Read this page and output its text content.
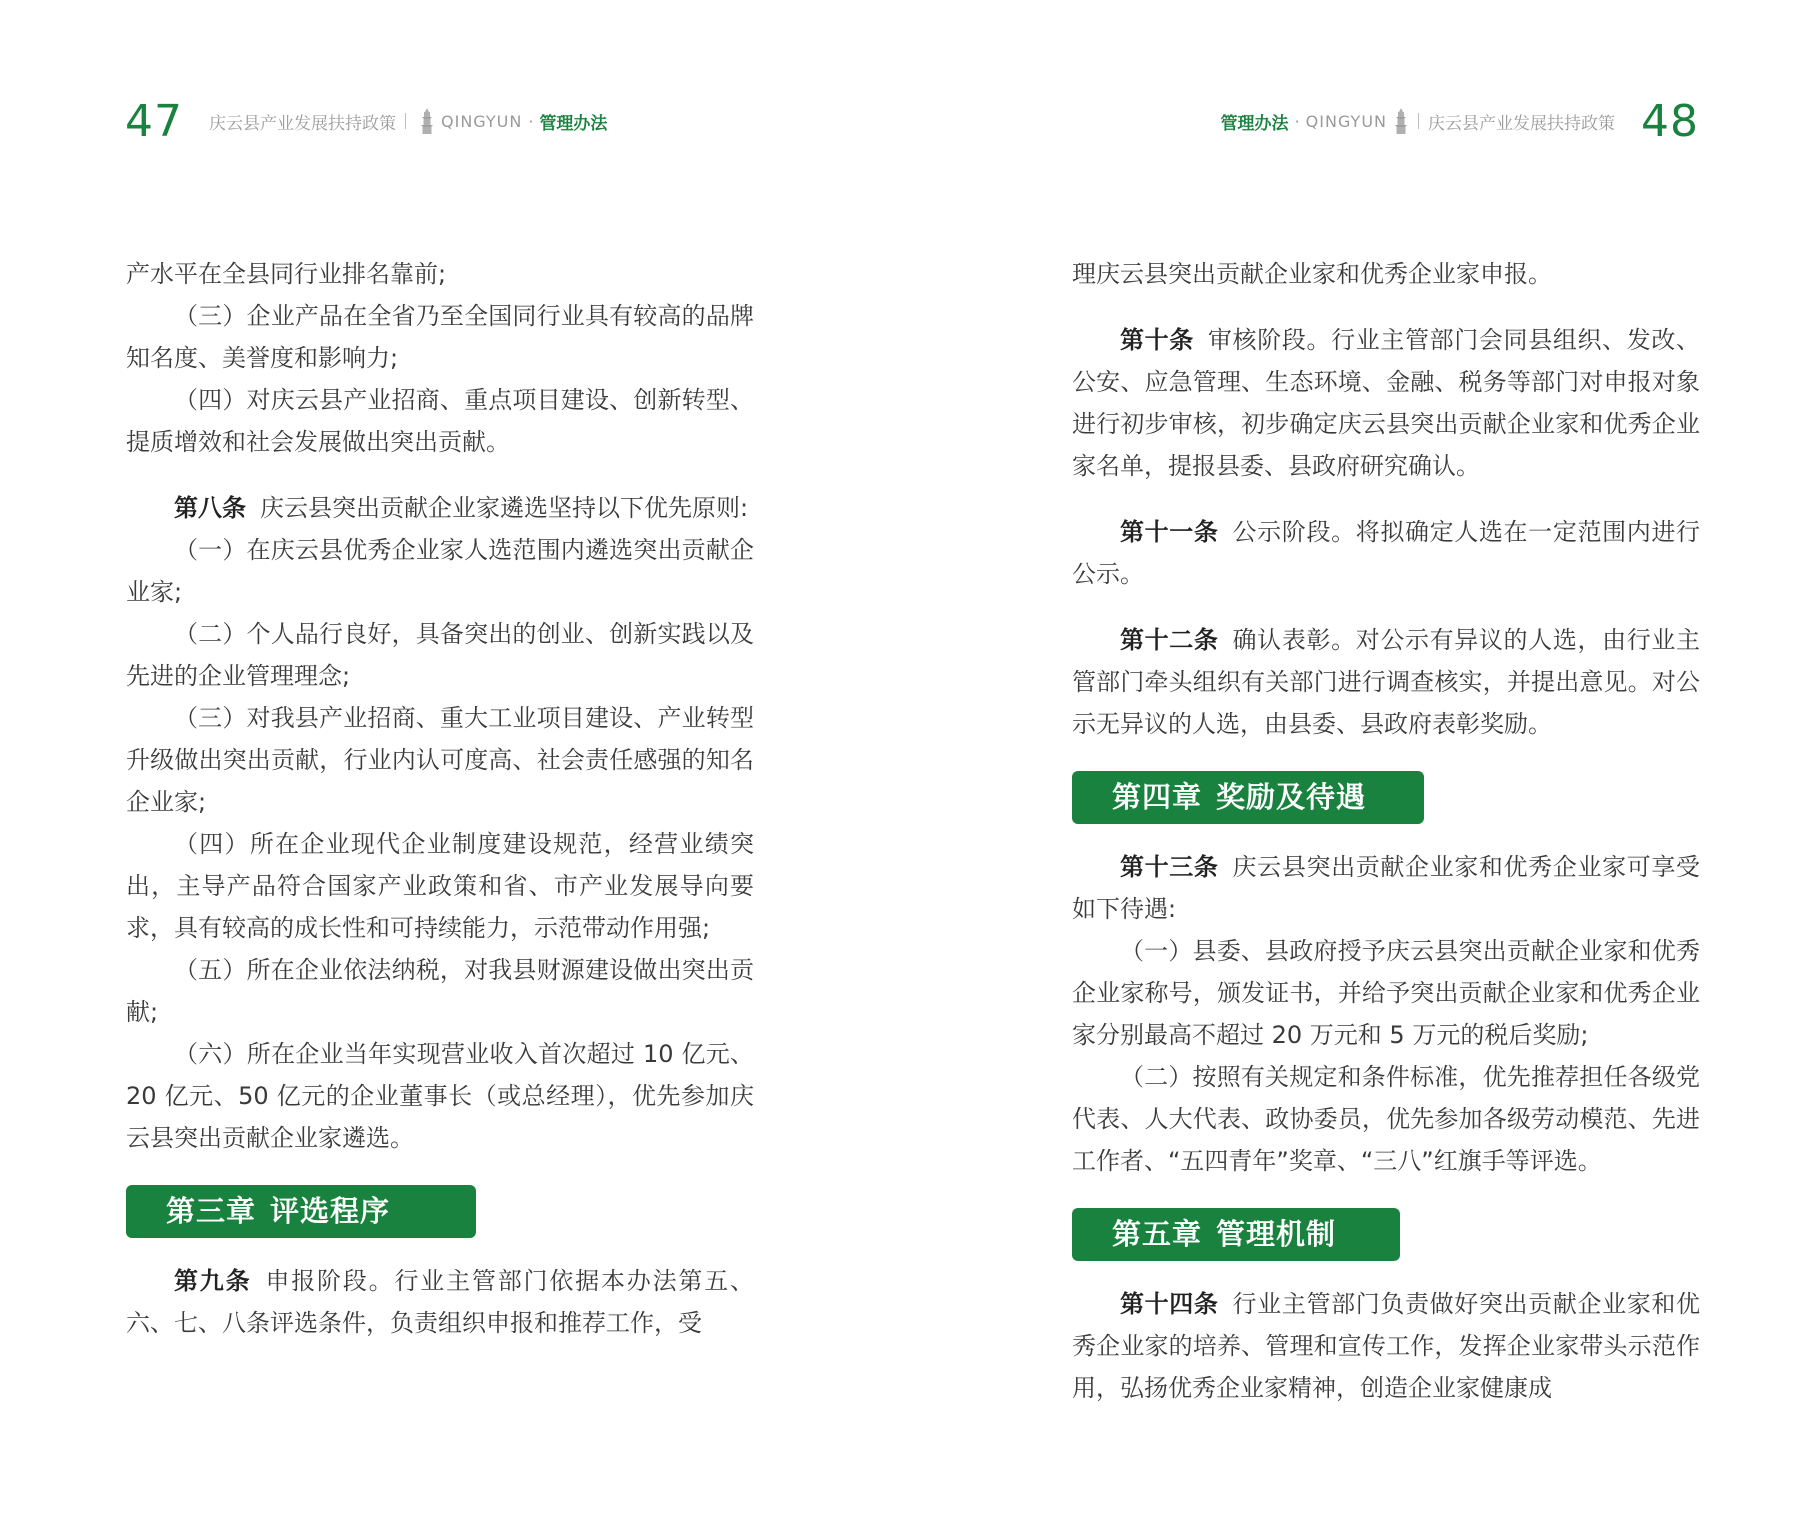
47 庆云县产业发展扶持政策	QINGYUN · 管理办法

产水平在全县同行业排名靠前;

（三）企业产品在全省乃至全国同行业具有较高的品牌知名度、美誉度和影响力;

（四）对庆云县产业招商、重点项目建设、创新转型、提质增效和社会发展做出突出贡献。

第八条 庆云县突出贡献企业家遴选坚持以下优先原则:

（一）在庆云县优秀企业家人选范围内遴选突出贡献企业家;

（二）个人品行良好，具备突出的创业、创新实践以及先进的企业管理理念;

（三）对我县产业招商、重大工业项目建设、产业转型升级做出突出贡献，行业内认可度高、社会责任感强的知名企业家;

（四）所在企业现代企业制度建设规范，经营业绩突出，主导产品符合国家产业政策和省、市产业发展导向要求，具有较高的成长性和可持续能力，示范带动作用强;

（五）所在企业依法纳税，对我县财源建设做出突出贡献;

（六）所在企业当年实现营业收入首次超过 10 亿元、20 亿元、50 亿元的企业董事长（或总经理），优先参加庆云县突出贡献企业家遴选。

第三章 评选程序

第九条 申报阶段。行业主管部门依据本办法第五、六、七、八条评选条件，负责组织申报和推荐工作，受

管理办法 · QINGYUN 庆云县产业发展扶持政策 48

理庆云县突出贡献企业家和优秀企业家申报。

第十条 审核阶段。行业主管部门会同县组织、发改、公安、应急管理、生态环境、金融、税务等部门对申报对象进行初步审核，初步确定庆云县突出贡献企业家和优秀企业家名单，提报县委、县政府研究确认。

第十一条 公示阶段。将拟确定人选在一定范围内进行公示。

第十二条 确认表彰。对公示有异议的人选，由行业主管部门牵头组织有关部门进行调查核实，并提出意见。对公示无异议的人选，由县委、县政府表彰奖励。

第四章 奖励及待遇

第十三条 庆云县突出贡献企业家和优秀企业家可享受如下待遇:

（一）县委、县政府授予庆云县突出贡献企业家和优秀企业家称号，颁发证书，并给予突出贡献企业家和优秀企业家分别最高不超过 20 万元和 5 万元的税后奖励;

（二）按照有关规定和条件标准，优先推荐担任各级党代表、人大代表、政协委员，优先参加各级劳动模范、先进工作者、“五四青年”奖章、“三八”红旗手等评选。

第五章 管理机制

第十四条 行业主管部门负责做好突出贡献企业家和优秀企业家的培养、管理和宣传工作，发挥企业家带头示范作用，弘扬优秀企业家精神，创造企业家健康成
